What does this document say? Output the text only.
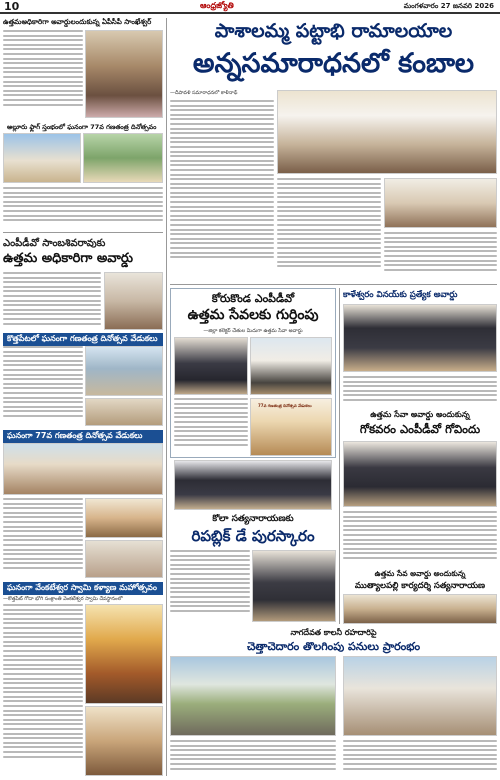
10	ఆంధ్రజ్యోతి	మంగళవారం 27 జనవరి 2026
ఉత్తమఅధికారిగా అవార్డులందుకున్న ఏపీసీపీ సాంఖేశ్వర్
అల్లూరు ఫ్లాగ్ స్తంభంలో ఘనంగా 77వ గణతంత్ర దినోత్సవం
ఎంపీడీవో సాంబశివరావుకు
ఉత్తమ అధికారిగా అవార్డు
కొత్తపేటలో ఘనంగా గణతంత్ర దినోత్సవ వేడుకలు
ఘనంగా 77వ గణతంత్ర దినోత్సవ వేడుకలు
ఘనంగా వేంకటేశ్వర స్వామి కళ్యాణ మహోత్సవం
—కొత్తపేట్ గోదా భోగి సంక్రాంతి వెంకటేశ్వర స్వామి దేవస్థానంలో
పాశాలమ్మ పట్టాభి రామాలయాల
అన్నసమారాధనలో కంబాల
—దీపావళి సమారాధనలో కాళీనాథ్
కోరుకొండ ఎంపీడీవో
ఉత్తమ సేవలకు గుర్తింపు
—జిల్లా కలెక్టర్ చేతుల మీదుగా ఉత్తమ సేవా అవార్డు
77వ గణతంత్ర దినోత్సవ వేడుకలు
కోలా సత్యనారాయణకు
రిపబ్లిక్ డే పురస్కారం
నాగదేవత కాలనీ రహదారిపై
చెత్తాచెదారం తొలగింపు పనులు ప్రారంభం
కాళేశ్వరం వినయ్‌కు ప్రత్యేక అవార్డు
ఉత్తమ సేవా అవార్డు అందుకున్న
గోకవరం ఎంపీడీవో గోవిందు
ఉత్తమ సేవ అవార్డు అందుకున్న
ముత్యాలపల్లి కార్యదర్శి సత్యనారాయణ
